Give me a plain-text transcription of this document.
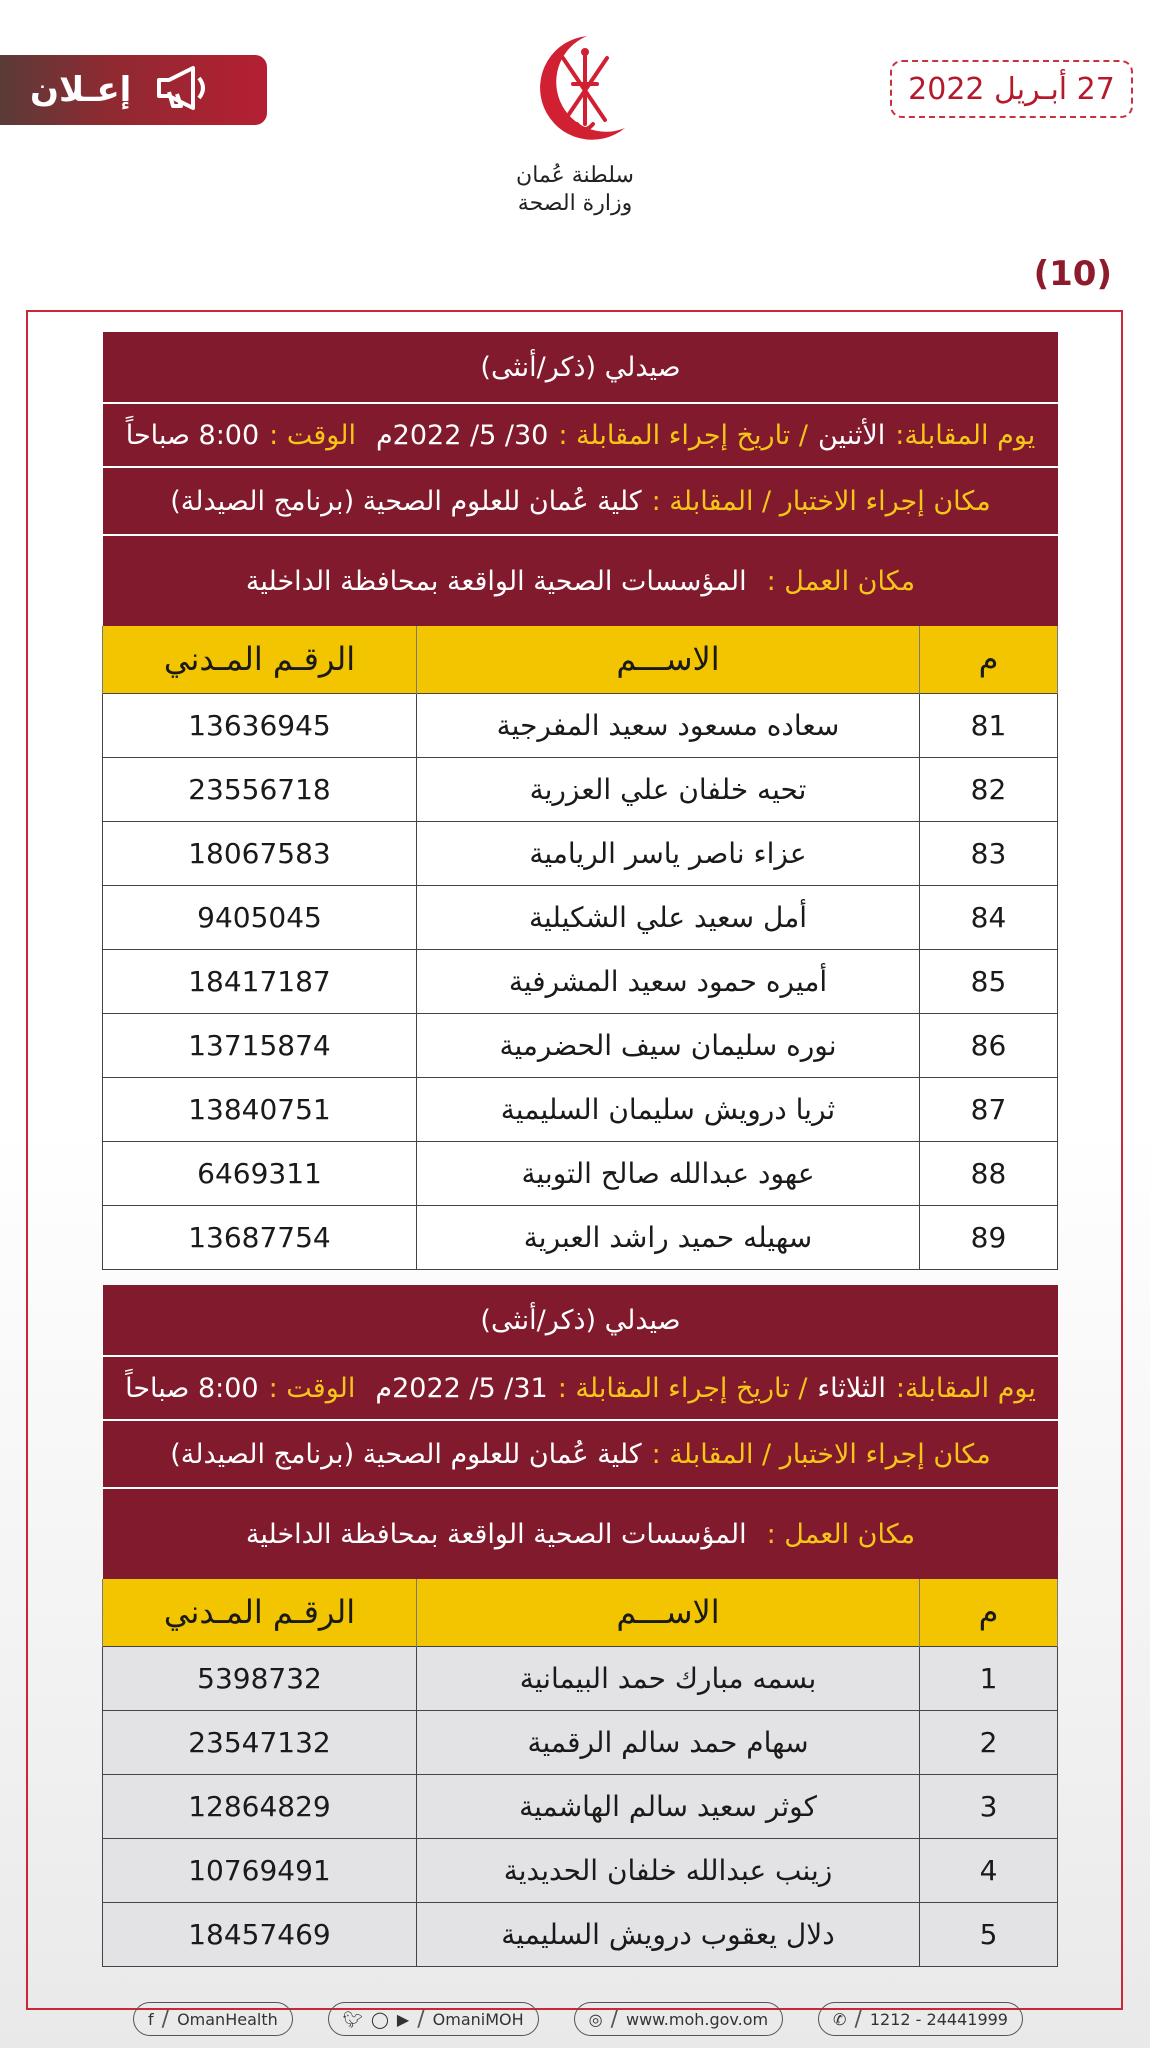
إعـلان
سلطنة عُمان
وزارة الصحة
27 أبـريل 2022
(10)
صيدلي (ذكر/أنثى)
يوم المقابلة:
الأثنين
/ تاريخ إجراء المقابلة :
30/ 5/ 2022م
الوقت :
8:00 صباحاً
مكان إجراء الاختبار / المقابلة :
كلية عُمان للعلوم الصحية (برنامج الصيدلة)
مكان العمل :
المؤسسات الصحية الواقعة بمحافظة الداخلية
م	الاســـم	الرقـم المـدني
81	سعاده مسعود سعيد المفرجية	13636945
82	تحيه خلفان علي العزرية	23556718
83	عزاء ناصر ياسر الريامية	18067583
84	أمل سعيد علي الشكيلية	9405045
85	أميره حمود سعيد المشرفية	18417187
86	نوره سليمان سيف الحضرمية	13715874
87	ثريا درويش سليمان السليمية	13840751
88	عهود عبدالله صالح التوبية	6469311
89	سهيله حميد راشد العبرية	13687754
صيدلي (ذكر/أنثى)
يوم المقابلة:
الثلاثاء
/ تاريخ إجراء المقابلة :
31/ 5/ 2022م
الوقت :
8:00 صباحاً
مكان إجراء الاختبار / المقابلة :
كلية عُمان للعلوم الصحية (برنامج الصيدلة)
مكان العمل :
المؤسسات الصحية الواقعة بمحافظة الداخلية
م	الاســـم	الرقـم المـدني
1	بسمه مبارك حمد البيمانية	5398732
2	سهام حمد سالم الرقمية	23547132
3	كوثر سعيد سالم الهاشمية	12864829
4	زينب عبدالله خلفان الحديدية	10769491
5	دلال يعقوب درويش السليمية	18457469
f / OmanHealth	🐦︎ ◯ ▶ / OmaniMOH	◎ / www.moh.gov.om	✆ / 1212 - 24441999
